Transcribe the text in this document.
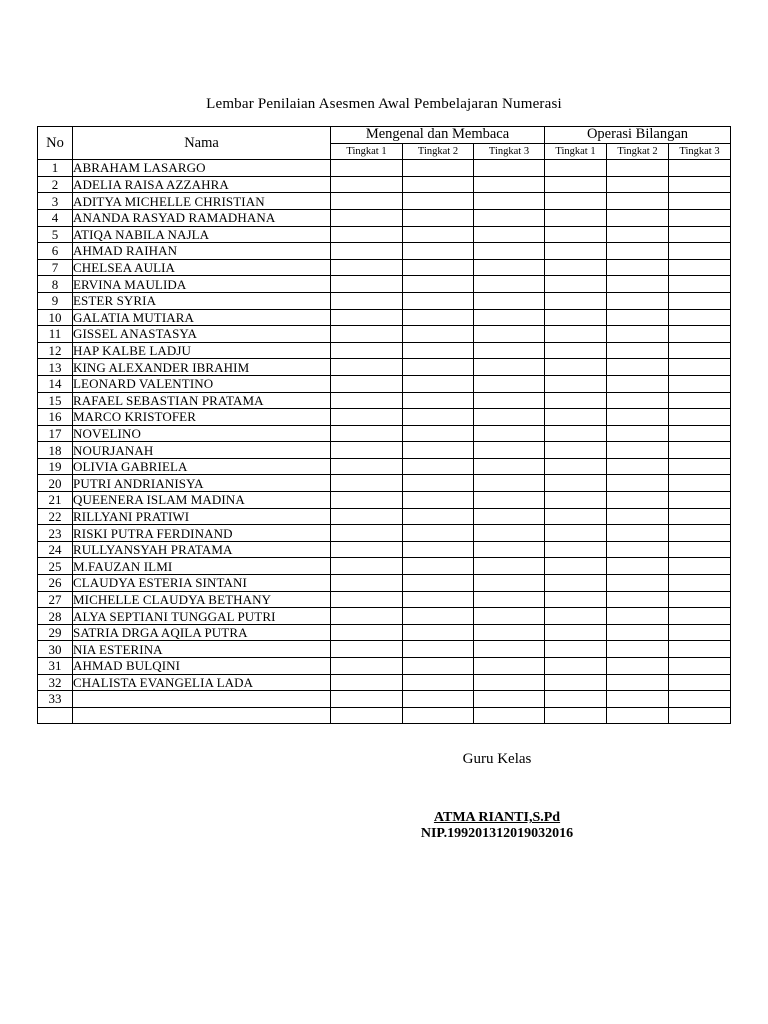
Lembar Penilaian Asesmen Awal Pembelajaran Numerasi
No	Nama	Mengenal dan Membaca			Operasi Bilangan		
		Tingkat 1	Tingkat 2	Tingkat 3	Tingkat 1	Tingkat 2	Tingkat 3
1	ABRAHAM LASARGO						
2	ADELIA RAISA AZZAHRA						
3	ADITYA MICHELLE CHRISTIAN						
4	ANANDA RASYAD RAMADHANA						
5	ATIQA NABILA NAJLA						
6	AHMAD RAIHAN						
7	CHELSEA AULIA						
8	ERVINA MAULIDA						
9	ESTER SYRIA						
10	GALATIA MUTIARA						
11	GISSEL ANASTASYA						
12	HAP KALBE LADJU						
13	KING ALEXANDER IBRAHIM						
14	LEONARD VALENTINO						
15	RAFAEL SEBASTIAN PRATAMA						
16	MARCO KRISTOFER						
17	NOVELINO						
18	NOURJANAH						
19	OLIVIA GABRIELA						
20	PUTRI ANDRIANISYA						
21	QUEENERA ISLAM MADINA						
22	RILLYANI PRATIWI						
23	RISKI PUTRA FERDINAND						
24	RULLYANSYAH PRATAMA						
25	M.FAUZAN ILMI						
26	CLAUDYA ESTERIA SINTANI						
27	MICHELLE CLAUDYA BETHANY						
28	ALYA SEPTIANI TUNGGAL PUTRI						
29	SATRIA DRGA AQILA PUTRA						
30	NIA ESTERINA						
31	AHMAD BULQINI						
32	CHALISTA EVANGELIA LADA						
33							

Guru Kelas
ATMA RIANTI,S.Pd
NIP.199201312019032016
